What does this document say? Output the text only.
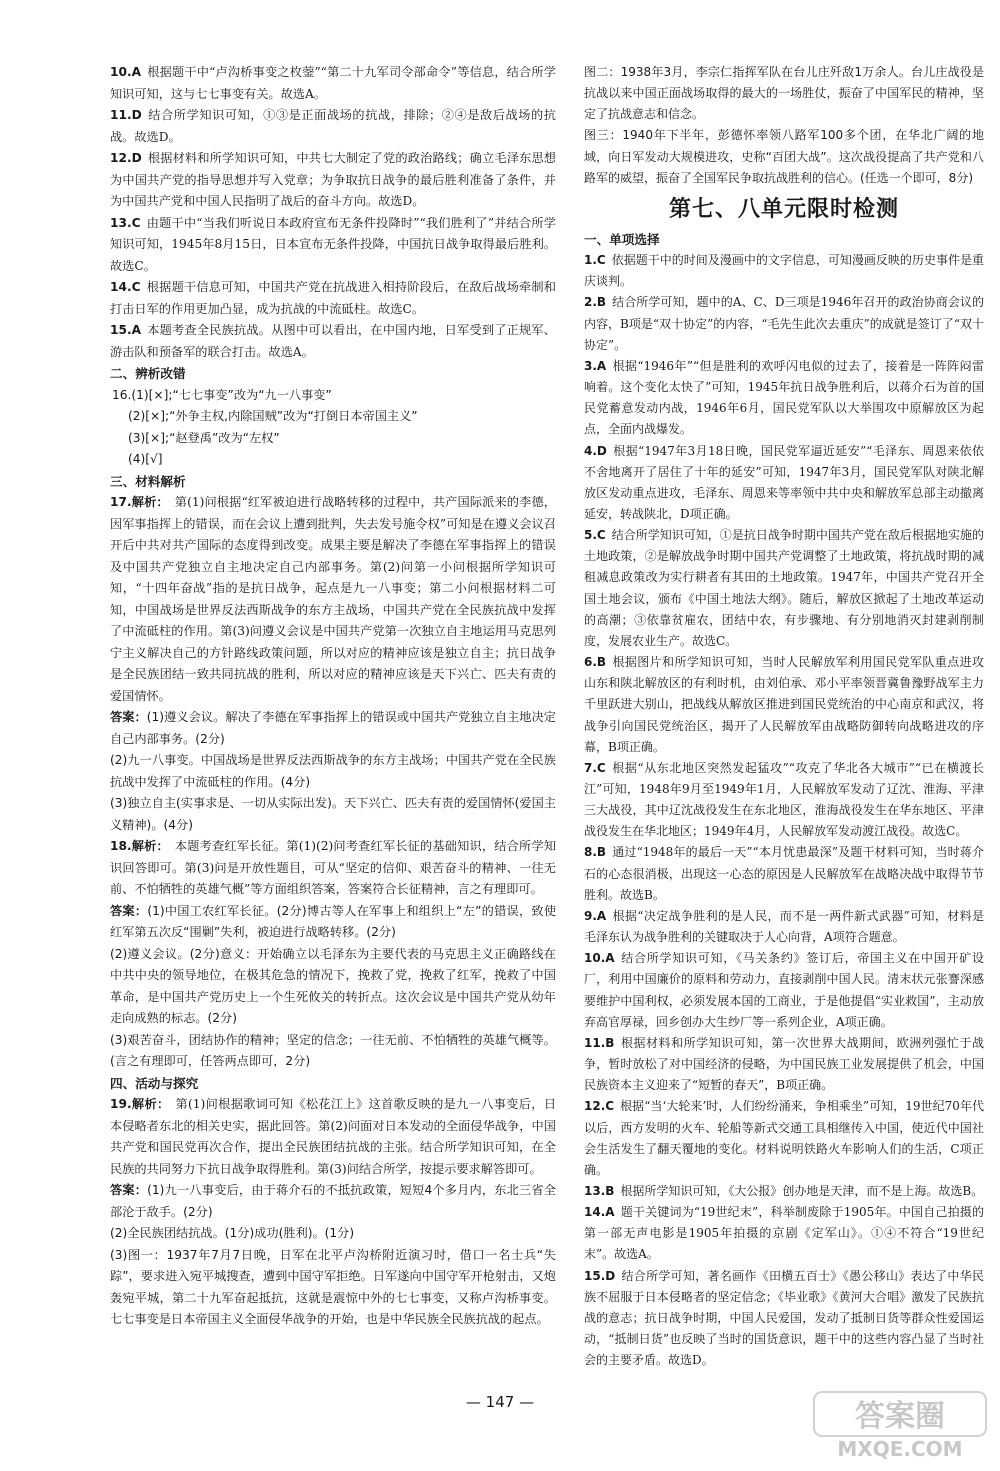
10.A 根据题干中“卢沟桥事变之枚蓥”“第二十九军司令部命令”等信息，结合所学知识可知，这与七七事变有关。故选A。
11.D 结合所学知识可知，①③是正面战场的抗战，排除；②④是敌后战场的抗战。故选D。
12.D 根据材料和所学知识可知，中共七大制定了党的政治路线；确立毛泽东思想为中国共产党的指导思想并写入党章；为争取抗日战争的最后胜利准备了条件，并为中国共产党和中国人民指明了战后的奋斗方向。故选D。
13.C 由题干中“当我们听说日本政府宣布无条件投降时”“我们胜利了”并结合所学知识可知，1945年8月15日，日本宣布无条件投降，中国抗日战争取得最后胜利。故选C。
14.C 根据题干信息可知，中国共产党在抗战进入相持阶段后，在敌后战场牵制和打击日军的作用更加凸显，成为抗战的中流砥柱。故选C。
15.A 本题考查全民族抗战。从图中可以看出，在中国内地，日军受到了正规军、游击队和预备军的联合打击。故选A。
二、辨析改错
16.(1)[×];“七七事变”改为“九一八事变”
(2)[×];“外争主权,内除国贼”改为“打倒日本帝国主义”
(3)[×];“赵登禹”改为“左权”
(4)[√]
三、材料解析
17.解析： 第(1)问根据“红军被迫进行战略转移的过程中，共产国际派来的李德，因军事指挥上的错误，而在会议上遭到批判，失去发号施令权”可知是在遵义会议召开后中共对共产国际的态度得到改变。成果主要是解决了李德在军事指挥上的错误及中国共产党独立自主地决定自己内部事务。第(2)问第一小问根据所学知识可知，“十四年奋战”指的是抗日战争，起点是九一八事变；第二小问根据材料二可知，中国战场是世界反法西斯战争的东方主战场，中国共产党在全民族抗战中发挥了中流砥柱的作用。第(3)问遵义会议是中国共产党第一次独立自主地运用马克思列宁主义解决自己的方针路线政策问题，所以对应的精神应该是独立自主；抗日战争是全民族团结一致共同抗战的胜利，所以对应的精神应该是天下兴亡、匹夫有责的爱国情怀。
答案：(1)遵义会议。解决了李德在军事指挥上的错误或中国共产党独立自主地决定自己内部事务。(2分)
(2)九一八事变。中国战场是世界反法西斯战争的东方主战场；中国共产党在全民族抗战中发挥了中流砥柱的作用。(4分)
(3)独立自主(实事求是、一切从实际出发)。天下兴亡、匹夫有责的爱国情怀(爱国主义精神)。(4分)
18.解析： 本题考查红军长征。第(1)(2)问考查红军长征的基础知识，结合所学知识回答即可。第(3)问是开放性题目，可从“坚定的信仰、艰苦奋斗的精神、一往无前、不怕牺牲的英雄气概”等方面组织答案，答案符合长征精神，言之有理即可。
答案：(1)中国工农红军长征。(2分)博古等人在军事上和组织上“左”的错误，致使红军第五次反“围剿”失利，被迫进行战略转移。(2分)
(2)遵义会议。(2分)意义：开始确立以毛泽东为主要代表的马克思主义正确路线在中共中央的领导地位，在极其危急的情况下，挽救了党，挽救了红军，挽救了中国革命，是中国共产党历史上一个生死攸关的转折点。这次会议是中国共产党从幼年走向成熟的标志。(2分)
(3)艰苦奋斗，团结协作的精神；坚定的信念；一往无前、不怕牺牲的英雄气概等。(言之有理即可，任答两点即可，2分)
四、活动与探究
19.解析： 第(1)问根据歌词可知《松花江上》这首歌反映的是九一八事变后，日本侵略者东北的相关史实，据此回答。第(2)问面对日本发动的全面侵华战争，中国共产党和国民党再次合作，提出全民族团结抗战的主张。结合所学知识可知，在全民族的共同努力下抗日战争取得胜利。第(3)问结合所学，按提示要求解答即可。
答案：(1)九一八事变后，由于蒋介石的不抵抗政策，短短4个多月内，东北三省全部沦于敌手。(2分)
(2)全民族团结抗战。(1分)成功(胜利)。(1分)
(3)图一：1937年7月7日晚，日军在北平卢沟桥附近演习时，借口一名士兵“失踪”，要求进入宛平城搜查，遭到中国守军拒绝。日军遂向中国守军开枪射击，又炮轰宛平城，第二十九军奋起抵抗，这就是震惊中外的七七事变，又称卢沟桥事变。七七事变是日本帝国主义全面侵华战争的开始，也是中华民族全民族抗战的起点。
图二：1938年3月，李宗仁指挥军队在台儿庄歼敌1万余人。台儿庄战役是抗战以来中国正面战场取得的最大的一场胜仗，振奋了中国军民的精神，坚定了抗战意志和信念。
图三：1940年下半年，彭德怀率领八路军100多个团，在华北广阔的地域，向日军发动大规模进攻，史称“百团大战”。这次战役提高了共产党和八路军的威望，振奋了全国军民争取抗战胜利的信心。(任选一个即可，8分)
第七、八单元限时检测
一、单项选择
1.C 依据题干中的时间及漫画中的文字信息，可知漫画反映的历史事件是重庆谈判。
2.B 结合所学可知，题中的A、C、D三项是1946年召开的政治协商会议的内容，B项是“双十协定”的内容，“毛先生此次去重庆”的成就是签订了“双十协定”。
3.A 根据“1946年”“但是胜利的欢呼闪电似的过去了，接着是一阵阵闷雷响着。这个变化太快了”可知，1945年抗日战争胜利后，以蒋介石为首的国民党蓄意发动内战，1946年6月，国民党军队以大举围攻中原解放区为起点，全面内战爆发。
4.D 根据“1947年3月18日晚，国民党军逼近延安”“毛泽东、周恩来依依不舍地离开了居住了十年的延安”可知，1947年3月，国民党军队对陕北解放区发动重点进攻，毛泽东、周恩来等率领中共中央和解放军总部主动撤离延安，转战陕北，D项正确。
5.C 结合所学知识可知，①是抗日战争时期中国共产党在敌后根据地实施的土地政策，②是解放战争时期中国共产党调整了土地政策，将抗战时期的减租减息政策改为实行耕者有其田的土地政策。1947年，中国共产党召开全国土地会议，颁布《中国土地法大纲》。随后，解放区掀起了土地改革运动的高潮；③依靠贫雇农，团结中农，有步骤地、有分别地消灭封建剥削制度，发展农业生产。故选C。
6.B 根据图片和所学知识可知，当时人民解放军利用国民党军队重点进攻山东和陕北解放区的有利时机，由刘伯承、邓小平率领晋冀鲁豫野战军主力千里跃进大别山，把战线从解放区推进到国民党统治的中心南京和武汉，将战争引向国民党统治区，揭开了人民解放军由战略防御转向战略进攻的序幕，B项正确。
7.C 根据“从东北地区突然发起猛攻”“攻克了华北各大城市”“已在横渡长江”可知，1948年9月至1949年1月，人民解放军发动了辽沈、淮海、平津三大战役，其中辽沈战役发生在东北地区，淮海战役发生在华东地区、平津战役发生在华北地区；1949年4月，人民解放军发动渡江战役。故选C。
8.B 通过“1948年的最后一天”“本月忧患最深”及题干材料可知，当时蒋介石的心态很消极，出现这一心态的原因是人民解放军在战略决战中取得节节胜利。故选B。
9.A 根据“决定战争胜利的是人民，而不是一两件新式武器”可知，材料是毛泽东认为战争胜利的关键取决于人心向背，A项符合题意。
10.A 结合所学知识可知，《马关条约》签订后，帝国主义在中国开矿设厂，利用中国廉价的原料和劳动力，直接剥削中国人民。清末状元张謇深感要维护中国利权，必须发展本国的工商业，于是他提倡“实业救国”，主动放弃高官厚禄，回乡创办大生纱厂等一系列企业，A项正确。
11.B 根据材料和所学知识可知，第一次世界大战期间，欧洲列强忙于战争，暂时放松了对中国经济的侵略，为中国民族工业发展提供了机会，中国民族资本主义迎来了“短暂的春天”，B项正确。
12.C 根据“当‘大轮来’时，人们纷纷涌来，争相乘坐”可知，19世纪70年代以后，西方发明的火车、轮船等新式交通工具相继传入中国，使近代中国社会生活发生了翻天覆地的变化。材料说明铁路火车影响人们的生活，C项正确。
13.B 根据所学知识可知，《大公报》创办地是天津，而不是上海。故选B。
14.A 题干关键词为“19世纪末”，科举制废除于1905年。中国自己拍摄的第一部无声电影是1905年拍摄的京剧《定军山》。①④不符合“19世纪末”。故选A。
15.D 结合所学可知，著名画作《田横五百士》《愚公移山》表达了中华民族不屈服于日本侵略者的坚定信念；《毕业歌》《黄河大合唱》激发了民族抗战的意志；抗日战争时期，中国人民爱国，发动了抵制日货等群众性爱国运动，“抵制日货”也反映了当时的国货意识，题干中的这些内容凸显了当时社会的主要矛盾。故选D。
— 147 —	答案圈
MXQE.COM
